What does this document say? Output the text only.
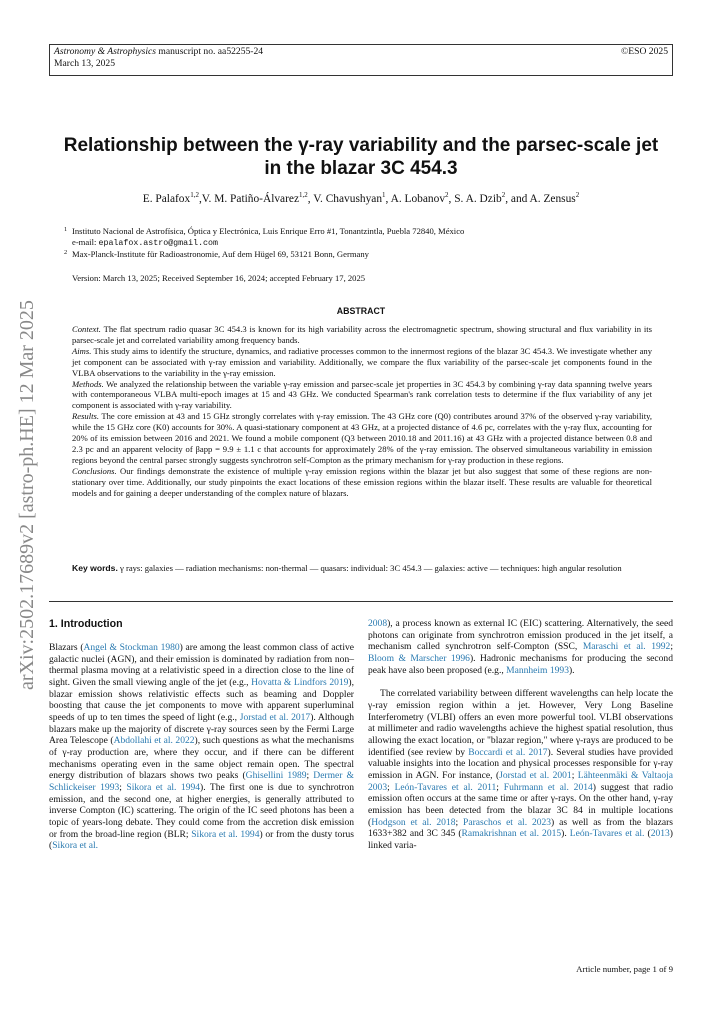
Astronomy & Astrophysics manuscript no. aa52255-24
March 13, 2025
©ESO 2025
arXiv:2502.17689v2 [astro-ph.HE] 12 Mar 2025
Relationship between the γ-ray variability and the parsec-scale jet
in the blazar 3C 454.3
E. Palafox$^{1,2}$,V. M. Patiño-Álvarez$^{1,2}$, V. Chavushyan$^1$, A. Lobanov$^2$, S. A. Dzib$^2$, and A. Zensus$^2$
1 Instituto Nacional de Astrofísica, Óptica y Electrónica, Luis Enrique Erro #1, Tonantzintla, Puebla 72840, México
e-mail: epalafox.astro@gmail.com
2 Max-Planck-Institute für Radioastronomie, Auf dem Hügel 69, 53121 Bonn, Germany
Version: March 13, 2025; Received September 16, 2024; accepted February 17, 2025
ABSTRACT

Context. The flat spectrum radio quasar 3C 454.3 is known for its high variability across the electromagnetic spectrum, showing structural and flux variability in its parsec-scale jet and correlated variability among frequency bands.

Aims. This study aims to identify the structure, dynamics, and radiative processes common to the innermost regions of the blazar 3C 454.3. We investigate whether any jet component can be associated with γ-ray emission and variability. Additionally, we compare the flux variability of the parsec-scale jet components found in the VLBA observations to the variability in the γ-ray emission.

Methods. We analyzed the relationship between the variable γ-ray emission and parsec-scale jet properties in 3C 454.3 by combining γ-ray data spanning twelve years with contemporaneous VLBA multi-epoch images at 15 and 43 GHz. We conducted Spearman's rank correlation tests to determine if the flux variability of any jet component is associated with γ-ray variability.

Results. The core emission at 43 and 15 GHz strongly correlates with γ-ray emission. The 43 GHz core (Q0) contributes around 37% of the observed γ-ray variability, while the 15 GHz core (K0) accounts for 30%. A quasi-stationary component at 43 GHz, at a projected distance of 4.6 pc, correlates with the γ-ray flux, accounting for 20% of its emission between 2016 and 2021. We found a mobile component (Q3 between 2010.18 and 2011.16) at 43 GHz with a projected distance between 0.8 and 2.3 pc and an apparent velocity of βapp = 9.9 ± 1.1 c that accounts for approximately 28% of the γ-ray emission. The observed simultaneous variability in emission regions beyond the central parsec strongly suggests synchrotron self-Compton as the primary mechanism for γ-ray production in these regions.

Conclusions. Our findings demonstrate the existence of multiple γ-ray emission regions within the blazar jet but also suggest that some of these regions are non-stationary over time. Additionally, our study pinpoints the exact locations of these emission regions within the blazar itself. These results are valuable for theoretical models and for gaining a deeper understanding of the complex nature of blazars.

Key words. γ rays: galaxies — radiation mechanisms: non-thermal — quasars: individual: 3C 454.3 — galaxies: active — techniques: high angular resolution
1. Introduction

Blazars (Angel & Stockman 1980) are among the least common class of active galactic nuclei (AGN), and their emission is dominated by radiation from non–thermal plasma moving at a relativistic speed in a direction close to the line of sight. Given the small viewing angle of the jet (e.g., Hovatta & Lindfors 2019), blazar emission shows relativistic effects such as beaming and Doppler boosting that cause the jet components to move with apparent superluminal speeds of up to ten times the speed of light (e.g., Jorstad et al. 2017). Although blazars make up the majority of discrete γ-ray sources seen by the Fermi Large Area Telescope (Abdollahi et al. 2022), such questions as what the mechanisms of γ-ray production are, where they occur, and if there can be different mechanisms operating even in the same object remain open. The spectral energy distribution of blazars shows two peaks (Ghisellini 1989; Dermer & Schlickeiser 1993; Sikora et al. 1994). The first one is due to synchrotron emission, and the second one, at higher energies, is generally attributed to inverse Compton (IC) scattering. The origin of the IC seed photons has been a topic of years-long debate. They could come from the accretion disk emission or from the broad-line region (BLR; Sikora et al. 1994) or from the dusty torus (Sikora et al.

2008), a process known as external IC (EIC) scattering. Alternatively, the seed photons can originate from synchrotron emission produced in the jet itself, a mechanism called synchrotron self-Compton (SSC, Maraschi et al. 1992; Bloom & Marscher 1996). Hadronic mechanisms for producing the second peak have also been proposed (e.g., Mannheim 1993).

The correlated variability between different wavelengths can help locate the γ-ray emission region within a jet. However, Very Long Baseline Interferometry (VLBI) offers an even more powerful tool. VLBI observations at millimeter and radio wavelengths achieve the highest spatial resolution, thus allowing the exact location, or "blazar region," where γ-rays are produced to be identified (see review by Boccardi et al. 2017). Several studies have provided valuable insights into the location and physical processes responsible for γ-ray emission in AGN. For instance, (Jorstad et al. 2001; Lähteenmäki & Valtaoja 2003; León-Tavares et al. 2011; Fuhrmann et al. 2014) suggest that radio emission often occurs at the same time or after γ-rays. On the other hand, γ-ray emission has been detected from the blazar 3C 84 in multiple locations (Hodgson et al. 2018; Paraschos et al. 2023) as well as from the blazars 1633+382 and 3C 345 (Ramakrishnan et al. 2015). León-Tavares et al. (2013) linked varia-

Article number, page 1 of 9
